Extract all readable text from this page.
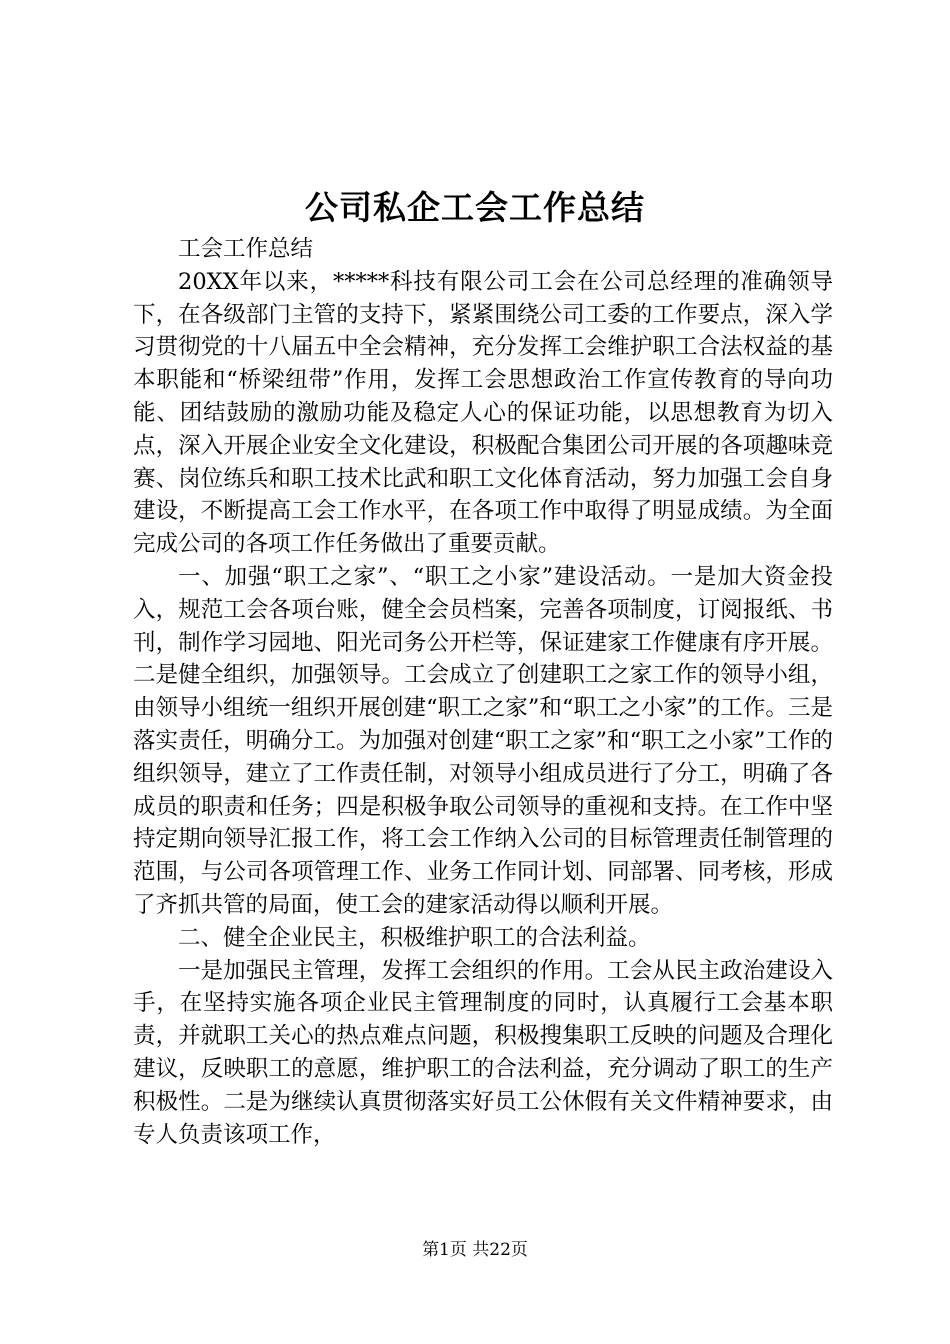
公司私企工会工作总结

工会工作总结

20XX年以来，*****科技有限公司工会在公司总经理的准确领导下，在各级部门主管的支持下，紧紧围绕公司工委的工作要点，深入学习贯彻党的十八届五中全会精神，充分发挥工会维护职工合法权益的基本职能和“桥梁纽带”作用，发挥工会思想政治工作宣传教育的导向功能、团结鼓励的激励功能及稳定人心的保证功能，以思想教育为切入点，深入开展企业安全文化建设，积极配合集团公司开展的各项趣味竞赛、岗位练兵和职工技术比武和职工文化体育活动，努力加强工会自身建设，不断提高工会工作水平，在各项工作中取得了明显成绩。为全面完成公司的各项工作任务做出了重要贡献。

一、加强“职工之家”、“职工之小家”建设活动。一是加大资金投入，规范工会各项台账，健全会员档案，完善各项制度，订阅报纸、书刊，制作学习园地、阳光司务公开栏等，保证建家工作健康有序开展。二是健全组织，加强领导。工会成立了创建职工之家工作的领导小组，由领导小组统一组织开展创建“职工之家”和“职工之小家”的工作。三是落实责任，明确分工。为加强对创建“职工之家”和“职工之小家”工作的组织领导，建立了工作责任制，对领导小组成员进行了分工，明确了各成员的职责和任务；四是积极争取公司领导的重视和支持。在工作中坚持定期向领导汇报工作，将工会工作纳入公司的目标管理责任制管理的范围，与公司各项管理工作、业务工作同计划、同部署、同考核，形成了齐抓共管的局面，使工会的建家活动得以顺利开展。

二、健全企业民主，积极维护职工的合法利益。

一是加强民主管理，发挥工会组织的作用。工会从民主政治建设入手，在坚持实施各项企业民主管理制度的同时，认真履行工会基本职责，并就职工关心的热点难点问题，积极搜集职工反映的问题及合理化建议，反映职工的意愿，维护职工的合法利益，充分调动了职工的生产积极性。二是为继续认真贯彻落实好员工公休假有关文件精神要求，由专人负责该项工作，

第1页 共22页
